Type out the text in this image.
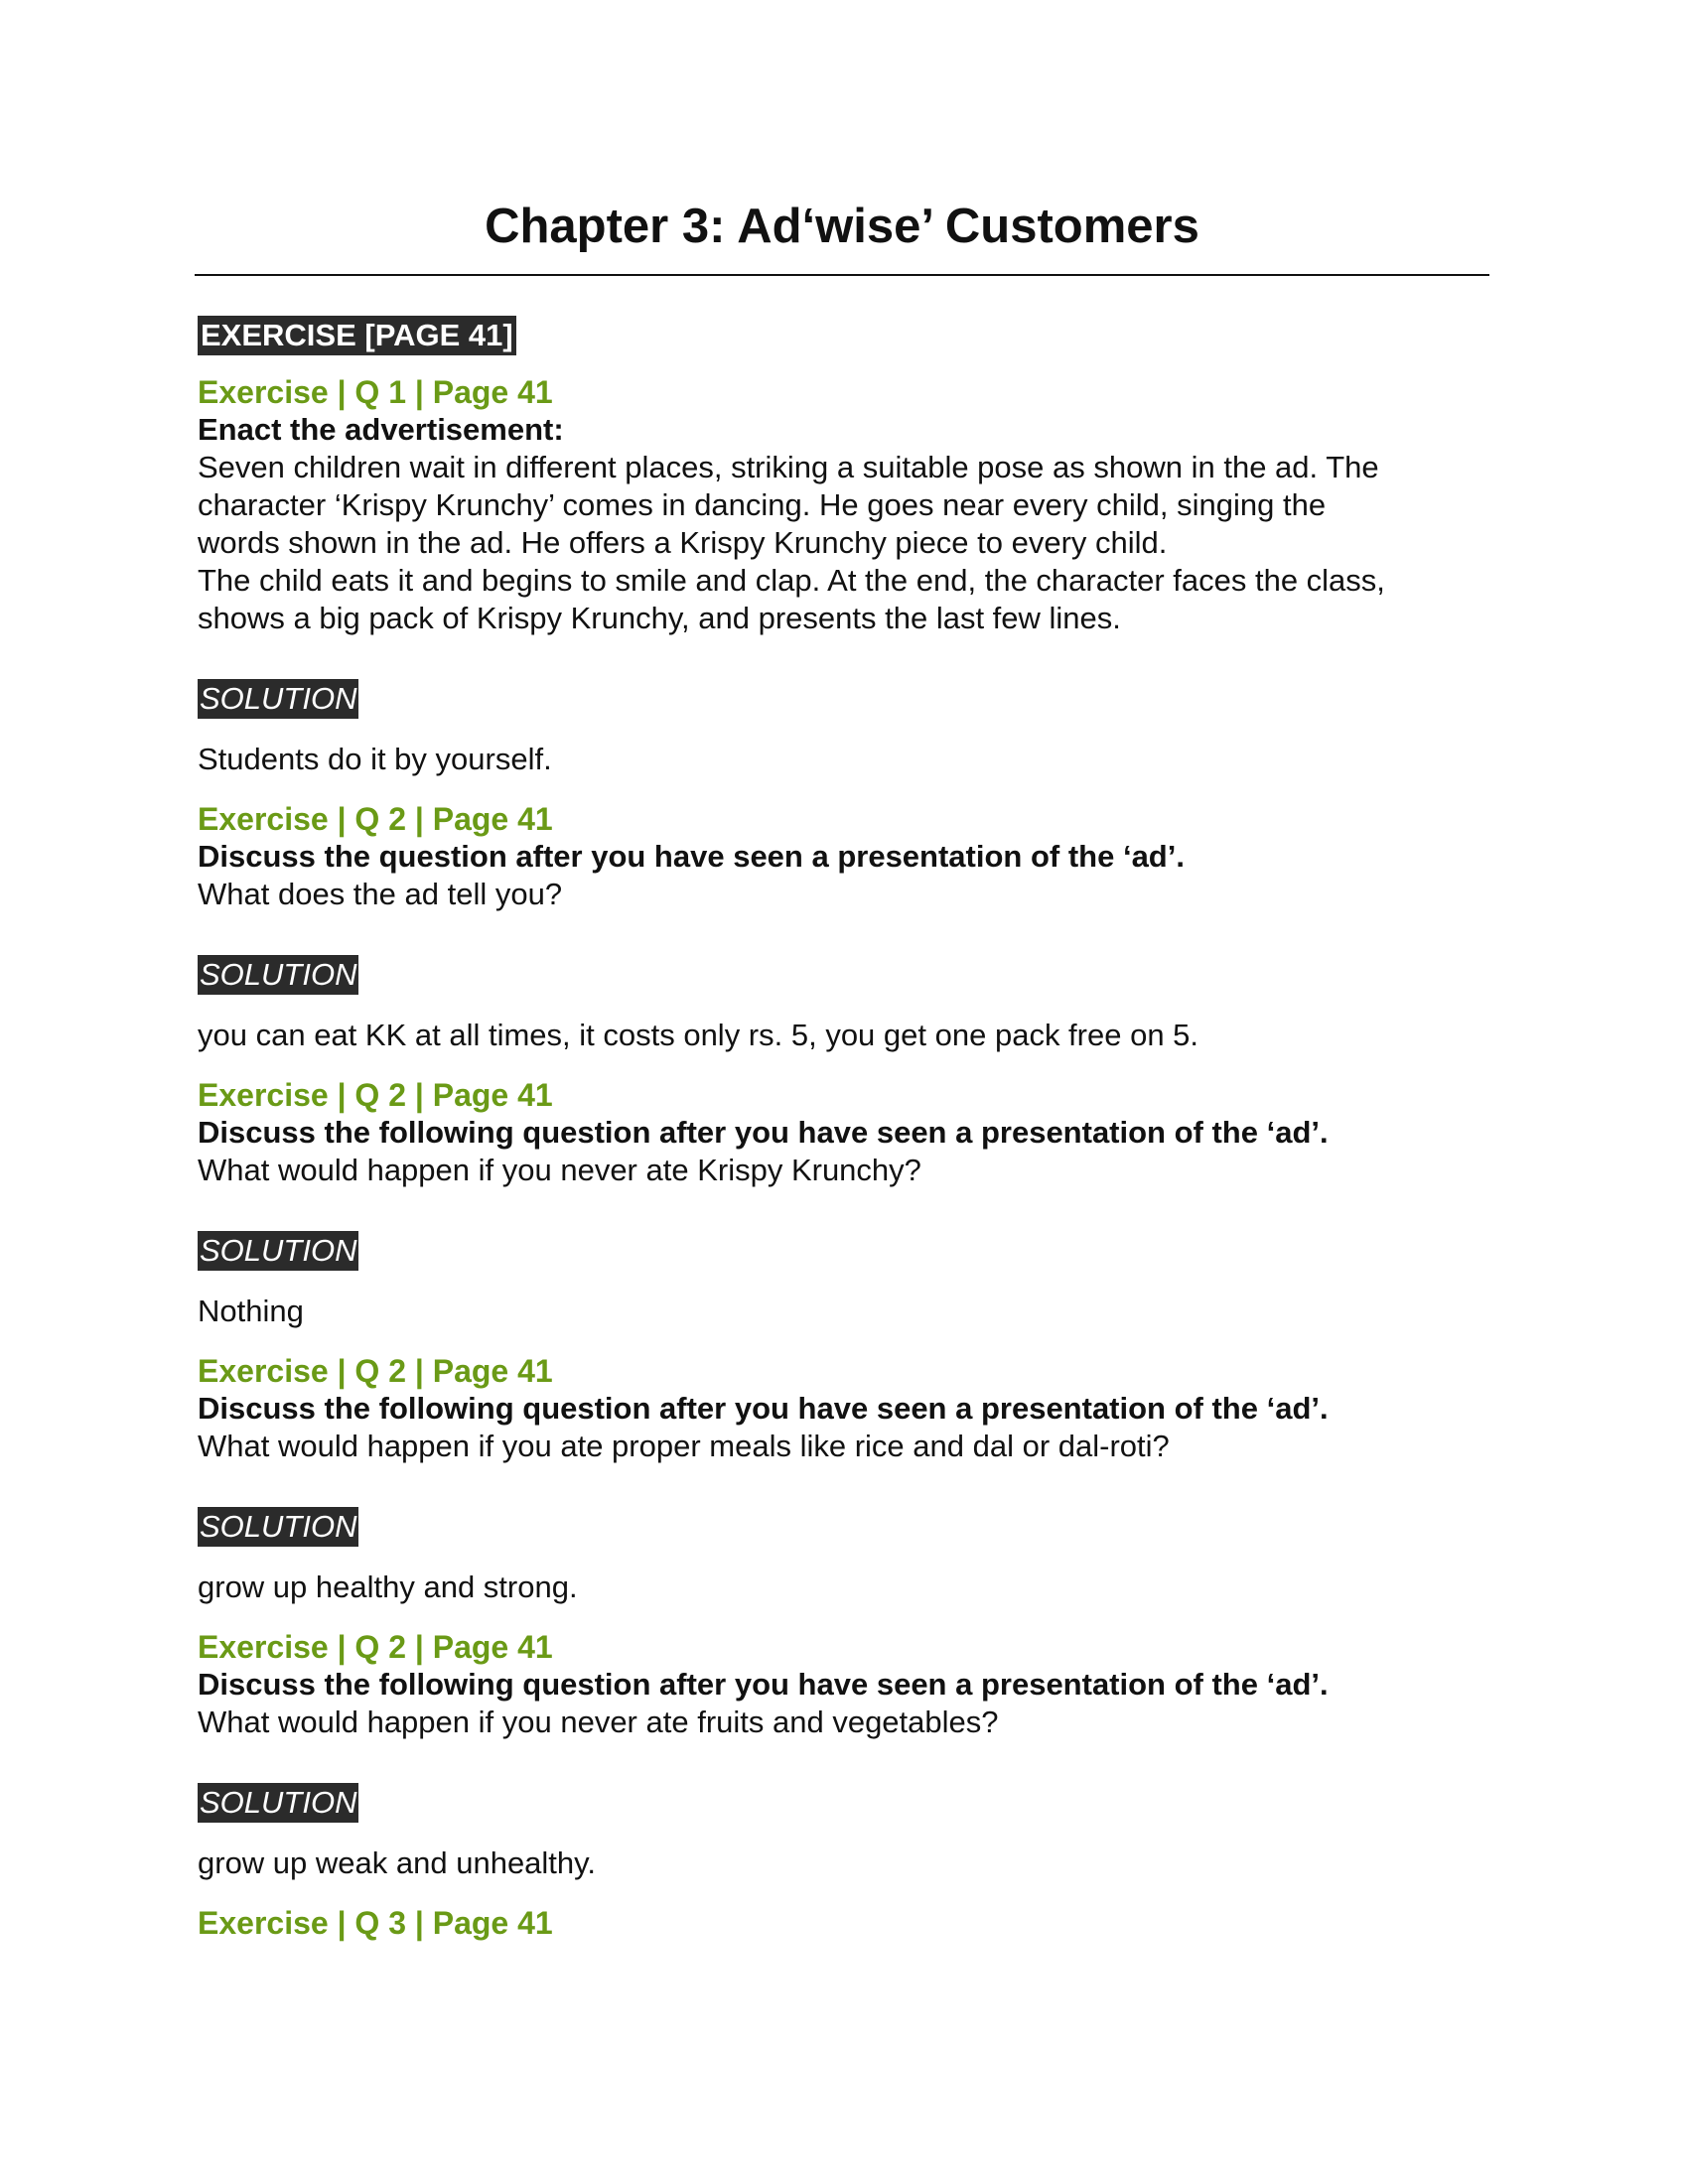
Chapter 3: Ad‘wise’ Customers
EXERCISE [PAGE 41]

Exercise | Q 1 | Page 41

Enact the advertisement:

Seven children wait in different places, striking a suitable pose as shown in the ad. The

character ‘Krispy Krunchy’ comes in dancing. He goes near every child, singing the

words shown in the ad. He offers a Krispy Krunchy piece to every child.

The child eats it and begins to smile and clap. At the end, the character faces the class,

shows a big pack of Krispy Krunchy, and presents the last few lines.

SOLUTION

Students do it by yourself.

Exercise | Q 2 | Page 41

Discuss the question after you have seen a presentation of the ‘ad’.

What does the ad tell you?

SOLUTION

you can eat KK at all times, it costs only rs. 5, you get one pack free on 5.

Exercise | Q 2 | Page 41

Discuss the following question after you have seen a presentation of the ‘ad’.

What would happen if you never ate Krispy Krunchy?

SOLUTION

Nothing

Exercise | Q 2 | Page 41

Discuss the following question after you have seen a presentation of the ‘ad’.

What would happen if you ate proper meals like rice and dal or dal-roti?

SOLUTION

grow up healthy and strong.

Exercise | Q 2 | Page 41

Discuss the following question after you have seen a presentation of the ‘ad’.

What would happen if you never ate fruits and vegetables?

SOLUTION

grow up weak and unhealthy.

Exercise | Q 3 | Page 41
